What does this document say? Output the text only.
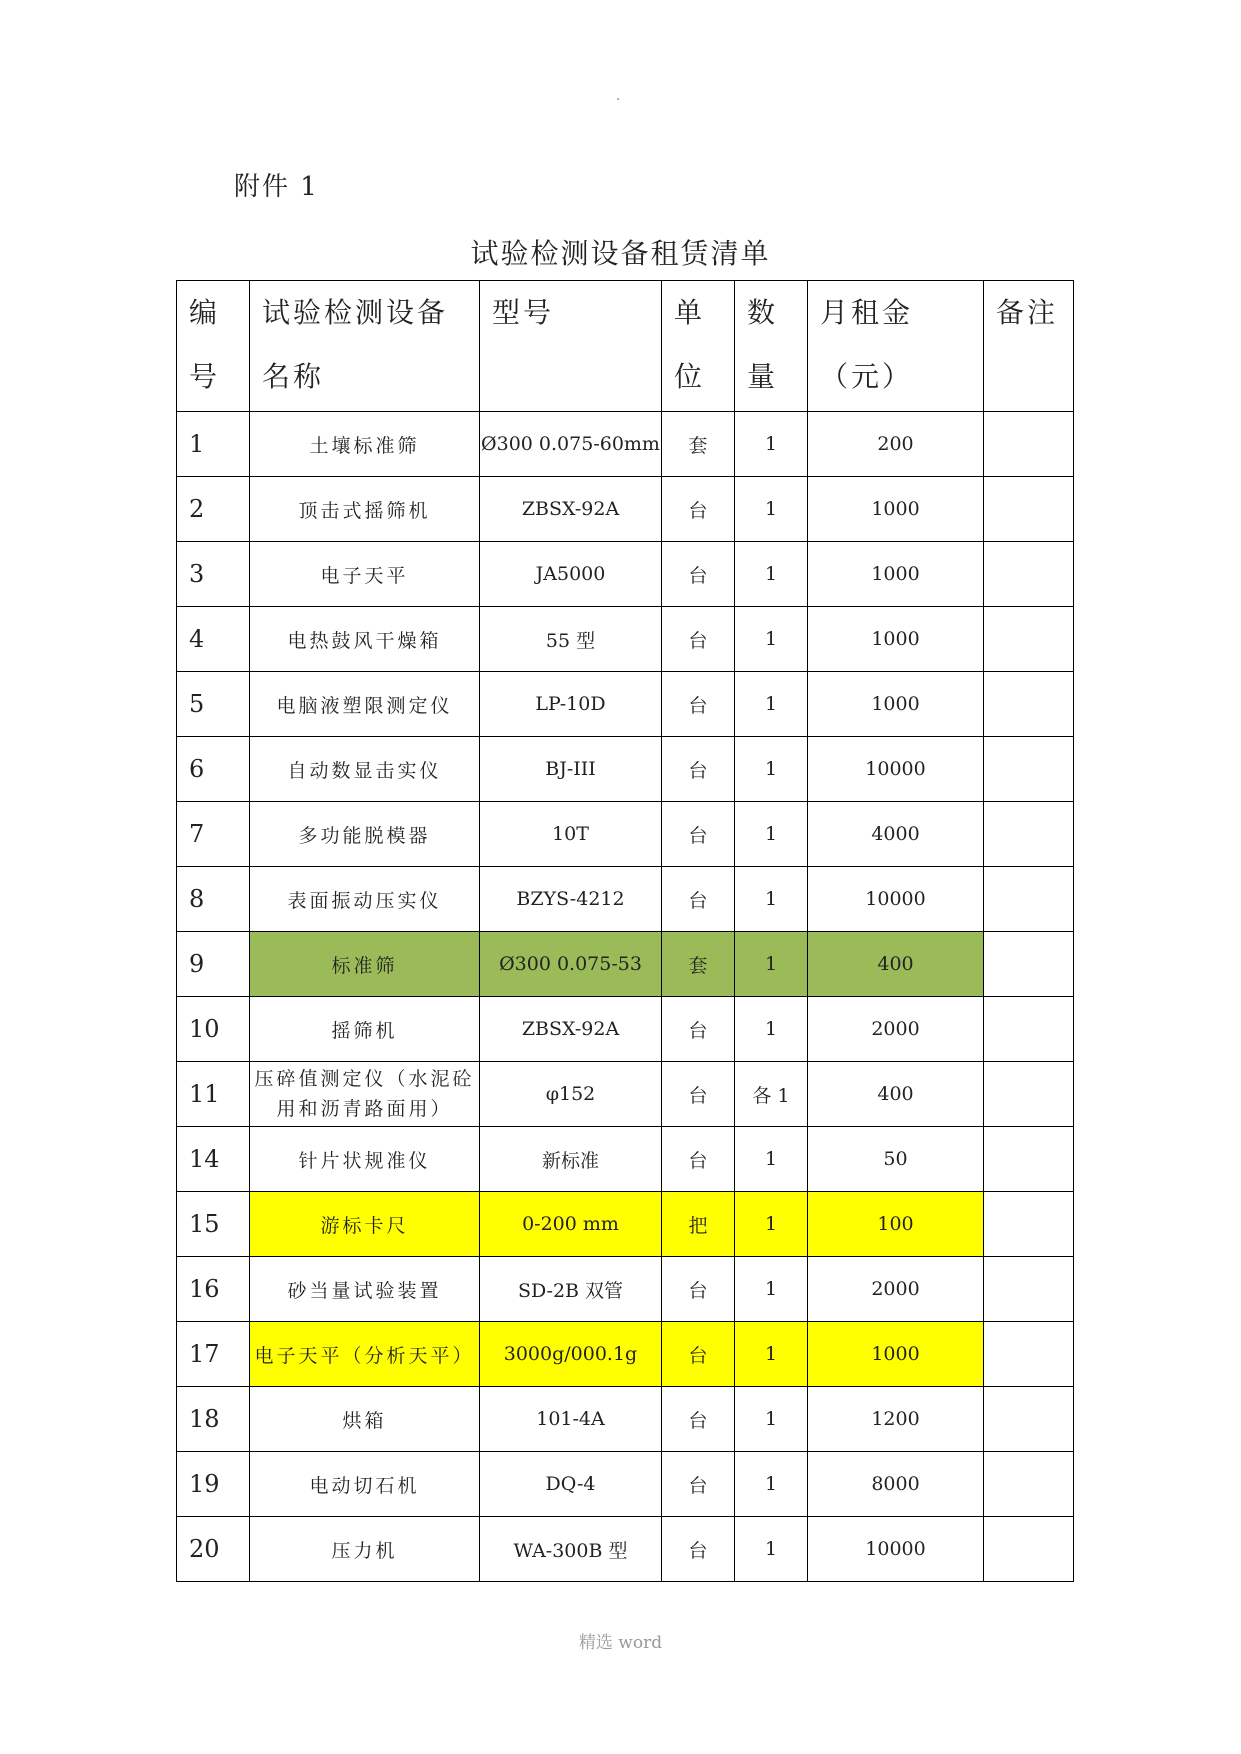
附件 1
试验检测设备租赁清单
编号	试验检测设备名称	型号	单位	数量	月租金（元）	备注
1	土壤标准筛	Ø300 0.075-60mm	套	1	200	
2	顶击式摇筛机	ZBSX-92A	台	1	1000	
3	电子天平	JA5000	台	1	1000	
4	电热鼓风干燥箱	55 型	台	1	1000	
5	电脑液塑限测定仪	LP-10D	台	1	1000	
6	自动数显击实仪	BJ-III	台	1	10000	
7	多功能脱模器	10T	台	1	4000	
8	表面振动压实仪	BZYS-4212	台	1	10000	
9	标准筛	Ø300 0.075-53	套	1	400	
10	摇筛机	ZBSX-92A	台	1	2000	
11	压碎值测定仪（水泥砼用和沥青路面用）	φ152	台	各 1	400	
14	针片状规准仪	新标准	台	1	50	
15	游标卡尺	0-200 mm	把	1	100	
16	砂当量试验装置	SD-2B 双管	台	1	2000	
17	电子天平（分析天平）	3000g/000.1g	台	1	1000	
18	烘箱	101-4A	台	1	1200	
19	电动切石机	DQ-4	台	1	8000	
20	压力机	WA-300B 型	台	1	10000	
精选 word
